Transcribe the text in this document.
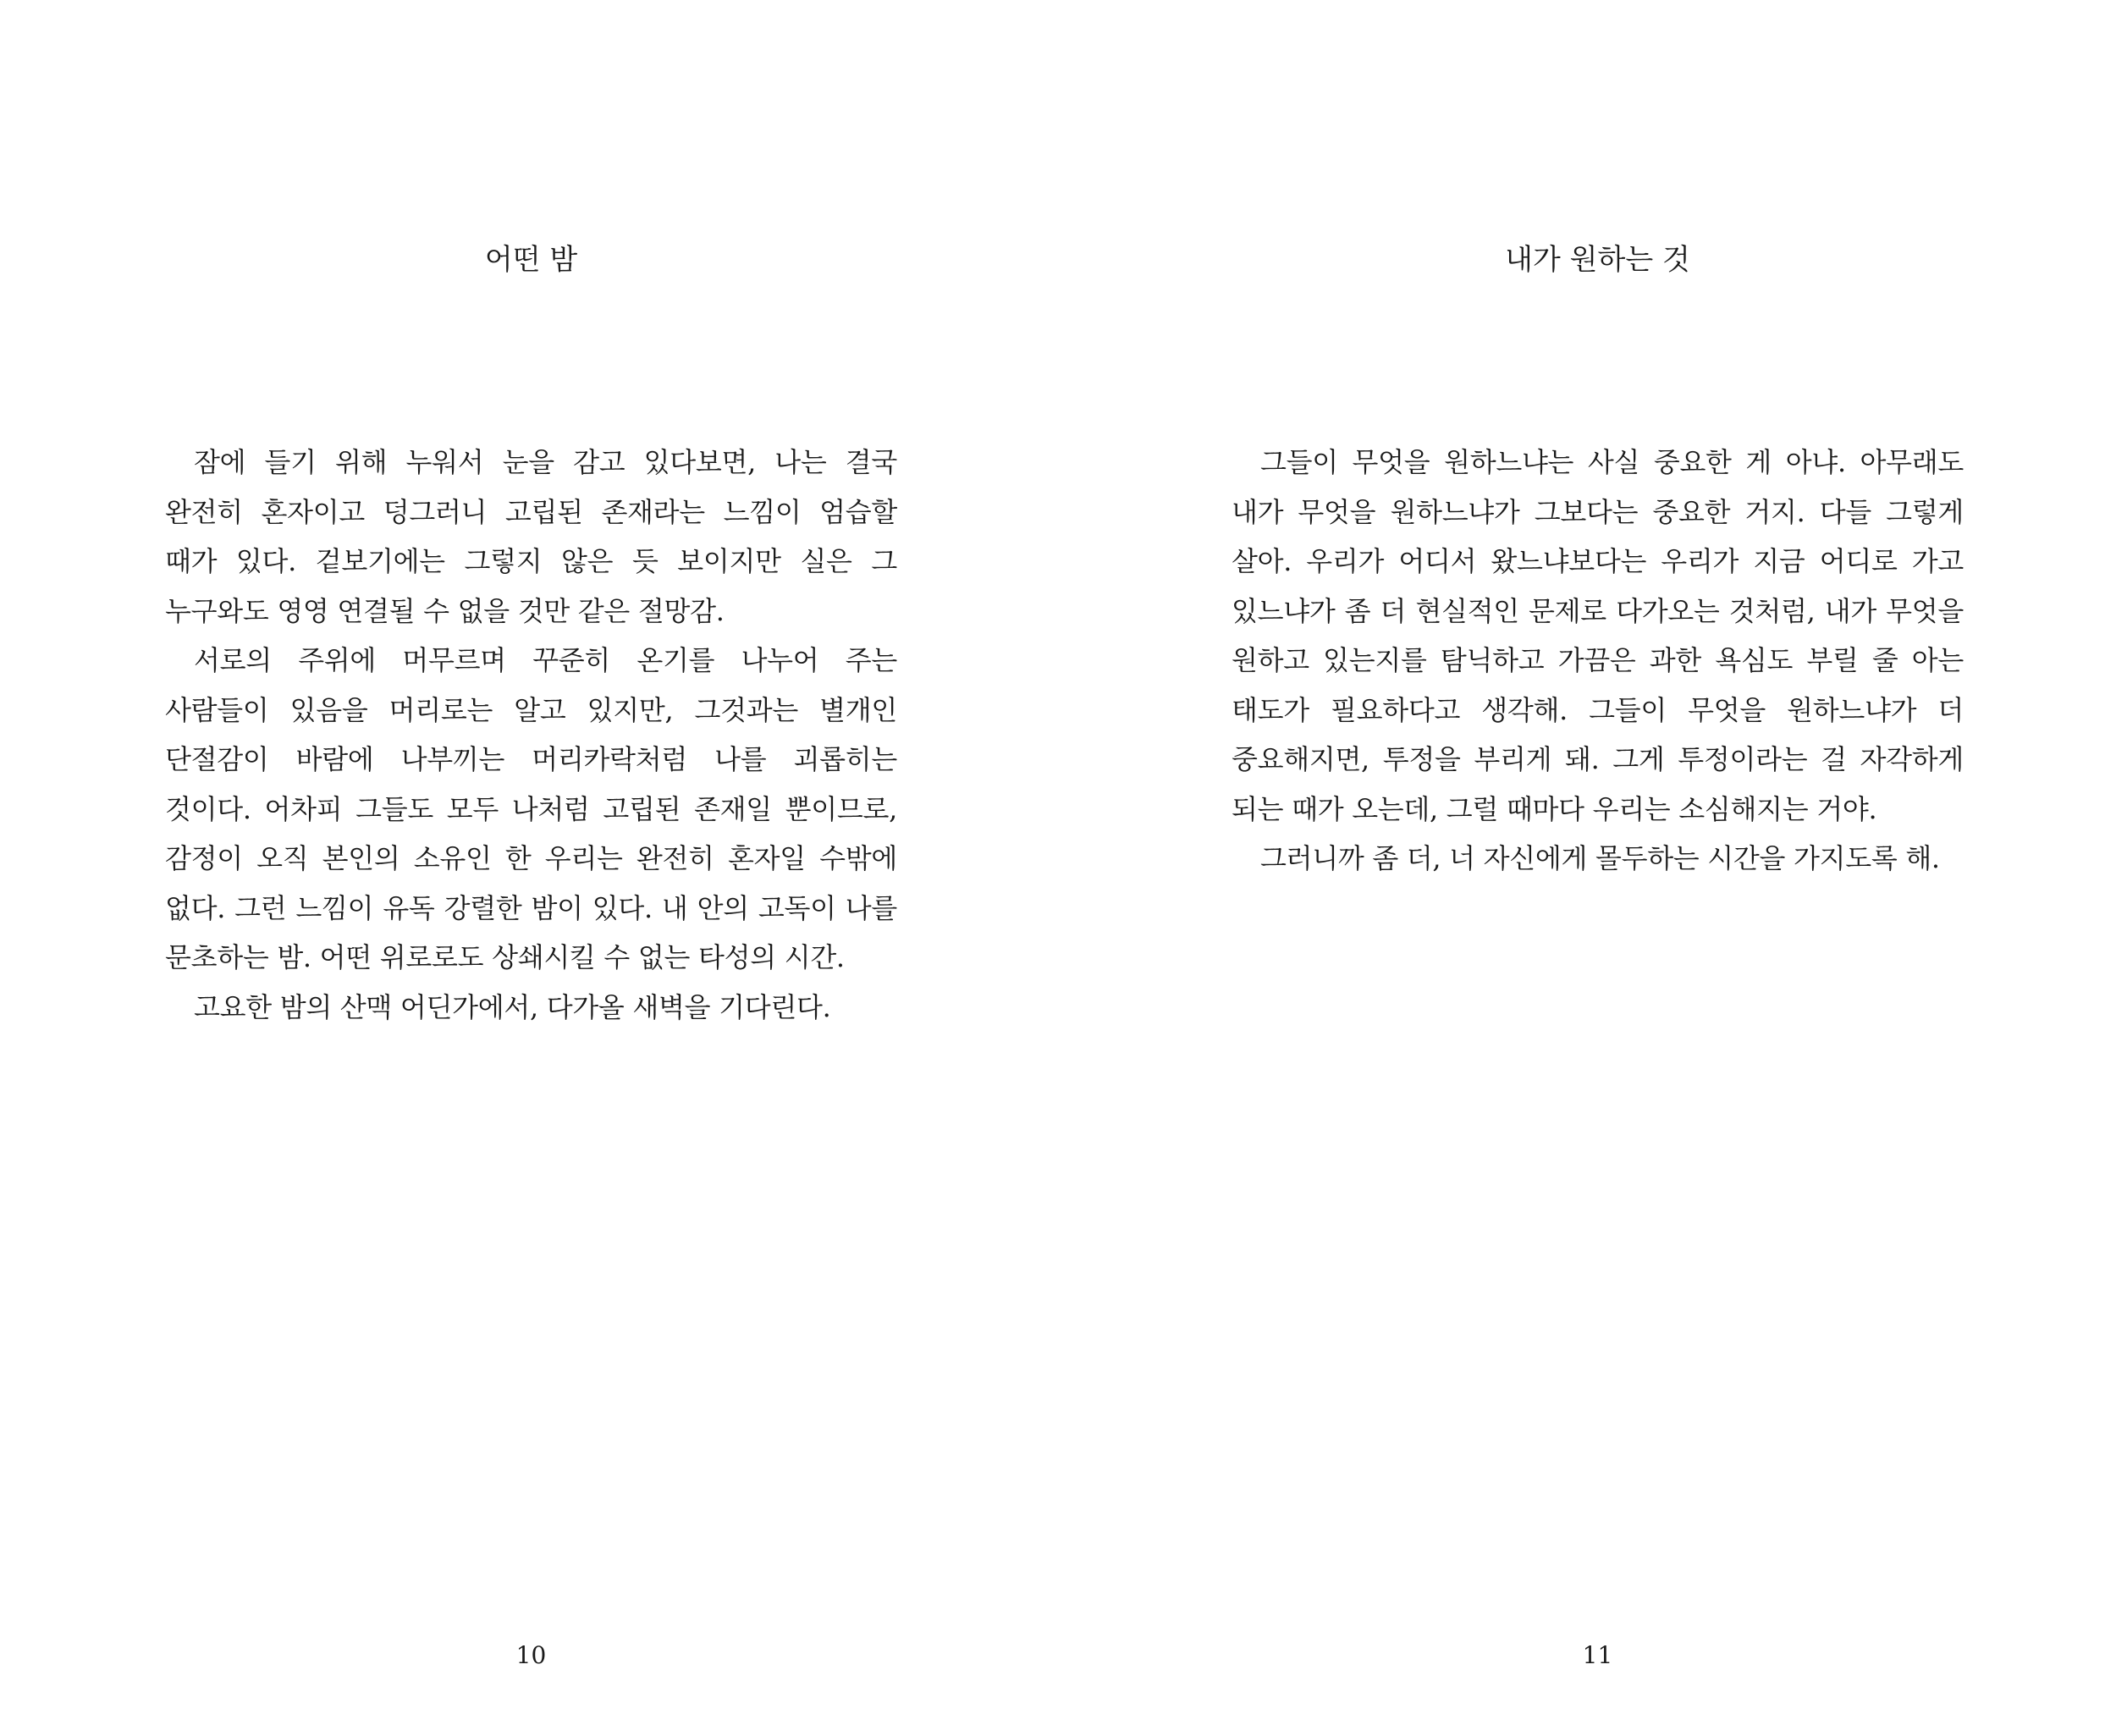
어떤 밤

잠에 들기 위해 누워서 눈을 감고 있다보면, 나는 결국 완전히 혼자이고 덩그러니 고립된 존재라는 느낌이 엄습할 때가 있다. 겉보기에는 그렇지 않은 듯 보이지만 실은 그 누구와도 영영 연결될 수 없을 것만 같은 절망감.

서로의 주위에 머무르며 꾸준히 온기를 나누어 주는 사람들이 있음을 머리로는 알고 있지만, 그것과는 별개인 단절감이 바람에 나부끼는 머리카락처럼 나를 괴롭히는 것이다. 어차피 그들도 모두 나처럼 고립된 존재일 뿐이므로, 감정이 오직 본인의 소유인 한 우리는 완전히 혼자일 수밖에 없다. 그런 느낌이 유독 강렬한 밤이 있다. 내 안의 고독이 나를 문초하는 밤. 어떤 위로로도 상쇄시킬 수 없는 타성의 시간.

고요한 밤의 산맥 어딘가에서, 다가올 새벽을 기다린다.

10
내가 원하는 것

그들이 무엇을 원하느냐는 사실 중요한 게 아냐. 아무래도 내가 무엇을 원하느냐가 그보다는 중요한 거지. 다들 그렇게 살아. 우리가 어디서 왔느냐보다는 우리가 지금 어디로 가고 있느냐가 좀 더 현실적인 문제로 다가오는 것처럼, 내가 무엇을 원하고 있는지를 탐닉하고 가끔은 과한 욕심도 부릴 줄 아는 태도가 필요하다고 생각해. 그들이 무엇을 원하느냐가 더 중요해지면, 투정을 부리게 돼. 그게 투정이라는 걸 자각하게 되는 때가 오는데, 그럴 때마다 우리는 소심해지는 거야.

그러니까 좀 더, 너 자신에게 몰두하는 시간을 가지도록 해.

11
